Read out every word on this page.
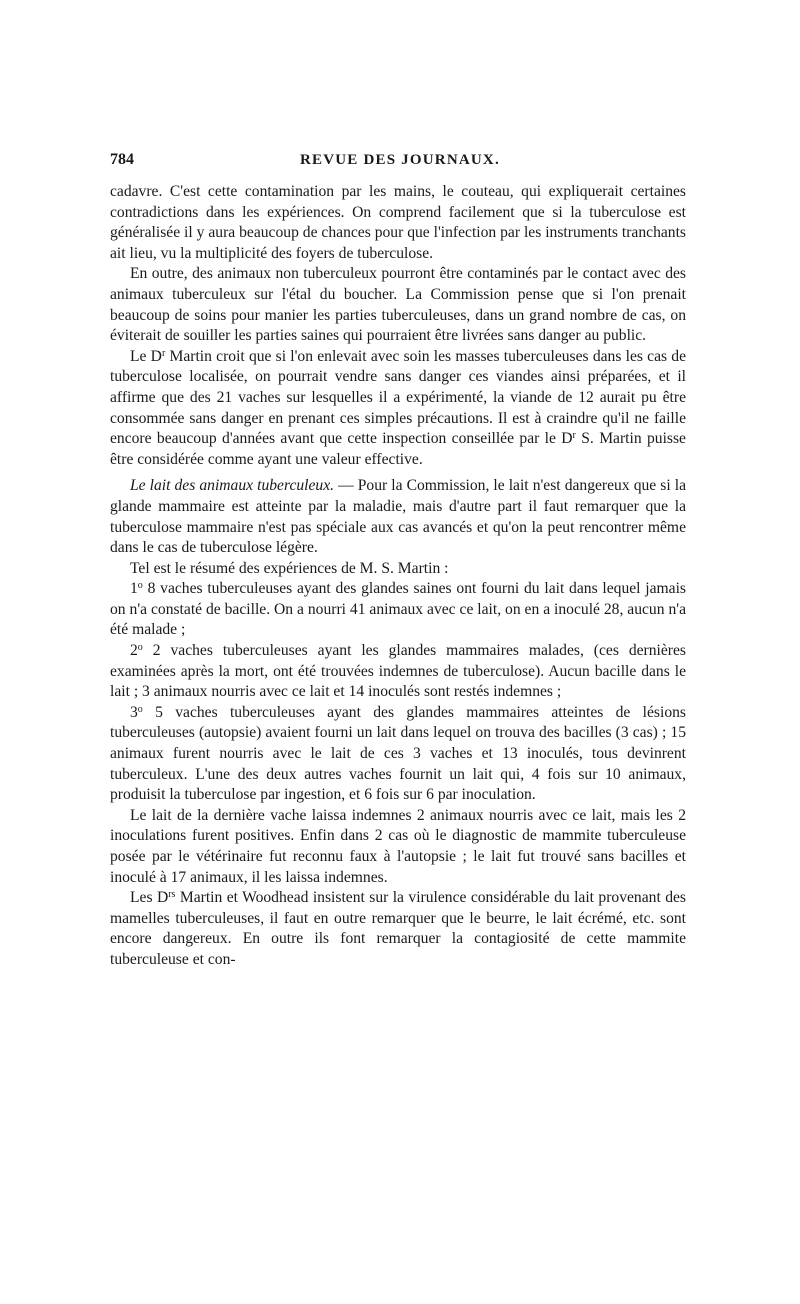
784	REVUE DES JOURNAUX.

cadavre. C'est cette contamination par les mains, le couteau, qui expliquerait certaines contradictions dans les expériences. On comprend facilement que si la tuberculose est généralisée il y aura beaucoup de chances pour que l'infection par les instruments tranchants ait lieu, vu la multiplicité des foyers de tuberculose.

En outre, des animaux non tuberculeux pourront être contaminés par le contact avec des animaux tuberculeux sur l'étal du boucher. La Commission pense que si l'on prenait beaucoup de soins pour manier les parties tuberculeuses, dans un grand nombre de cas, on éviterait de souiller les parties saines qui pourraient être livrées sans danger au public.

Le $D^r$ Martin croit que si l'on enlevait avec soin les masses tuberculeuses dans les cas de tuberculose localisée, on pourrait vendre sans danger ces viandes ainsi préparées, et il affirme que des 21 vaches sur lesquelles il a expérimenté, la viande de 12 aurait pu être consommée sans danger en prenant ces simples précautions. Il est à craindre qu'il ne faille encore beaucoup d'années avant que cette inspection conseillée par le $D^r$ S. Martin puisse être considérée comme ayant une valeur effective.

Le lait des animaux tuberculeux. — Pour la Commission, le lait n'est dangereux que si la glande mammaire est atteinte par la maladie, mais d'autre part il faut remarquer que la tuberculose mammaire n'est pas spéciale aux cas avancés et qu'on la peut rencontrer même dans le cas de tuberculose légère.

Tel est le résumé des expériences de M. S. Martin :

1$^o$ 8 vaches tuberculeuses ayant des glandes saines ont fourni du lait dans lequel jamais on n'a constaté de bacille. On a nourri 41 animaux avec ce lait, on en a inoculé 28, aucun n'a été malade ;

2$^o$ 2 vaches tuberculeuses ayant les glandes mammaires malades, (ces dernières examinées après la mort, ont été trouvées indemnes de tuberculose). Aucun bacille dans le lait ; 3 animaux nourris avec ce lait et 14 inoculés sont restés indemnes ;

3$^o$ 5 vaches tuberculeuses ayant des glandes mammaires atteintes de lésions tuberculeuses (autopsie) avaient fourni un lait dans lequel on trouva des bacilles (3 cas) ; 15 animaux furent nourris avec le lait de ces 3 vaches et 13 inoculés, tous devinrent tuberculeux. L'une des deux autres vaches fournit un lait qui, 4 fois sur 10 animaux, produisit la tuberculose par ingestion, et 6 fois sur 6 par inoculation.

Le lait de la dernière vache laissa indemnes 2 animaux nourris avec ce lait, mais les 2 inoculations furent positives. Enfin dans 2 cas où le diagnostic de mammite tuberculeuse posée par le vétérinaire fut reconnu faux à l'autopsie ; le lait fut trouvé sans bacilles et inoculé à 17 animaux, il les laissa indemnes.

Les $D^{rs}$ Martin et Woodhead insistent sur la virulence considérable du lait provenant des mamelles tuberculeuses, il faut en outre remarquer que le beurre, le lait écrémé, etc. sont encore dangereux. En outre ils font remarquer la contagiosité de cette mammite tuberculeuse et con-
